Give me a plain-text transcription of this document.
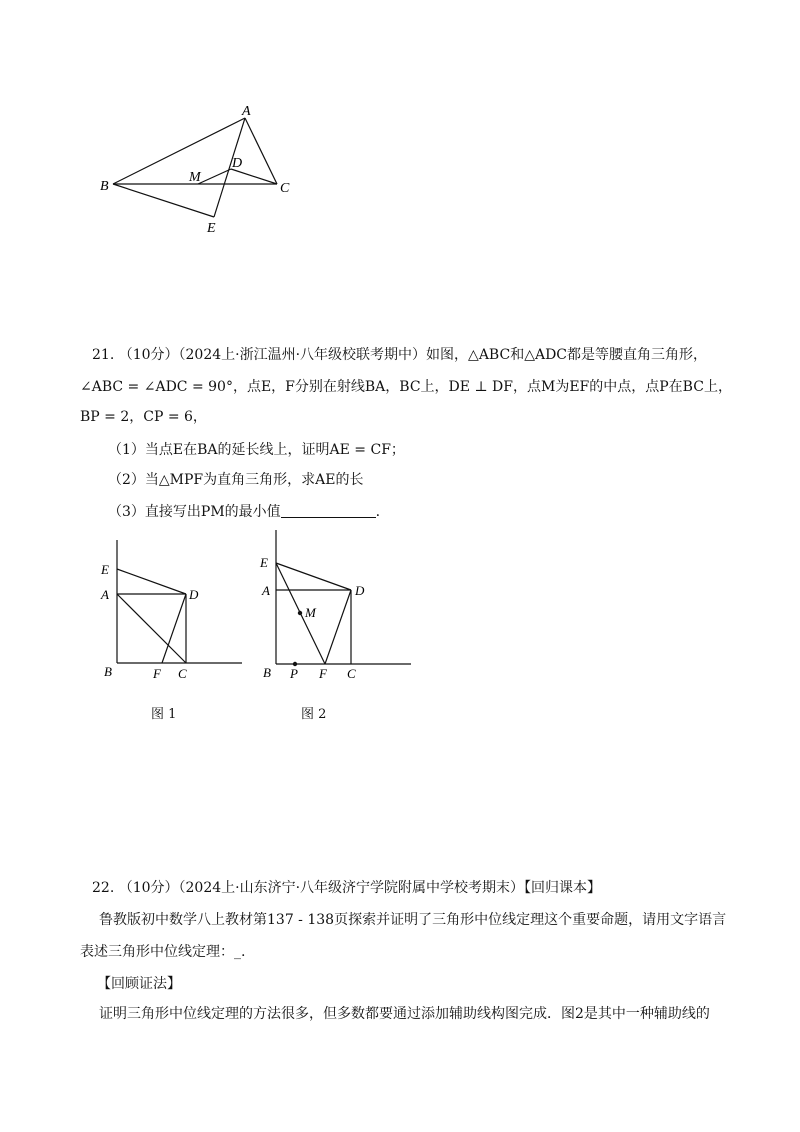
A
B	C
D
E
M
21. （10分）（2024上·浙江温州·八年级校联考期中）如图，△ABC和△ADC都是等腰直角三角形，
∠ABC = ∠ADC = 90°，点E，F分别在射线BA，BC上，DE ⊥ DF，点M为EF的中点，点P在BC上，
BP = 2，CP = 6，
（1）当点E在BA的延长线上，证明AE = CF；
（2）当△MPF为直角三角形，求AE的长
（3）直接写出PM的最小值	.
E
A	D
B	F C
图 1
E
A	D
M
B P F C
图 2
22. （10分）（2024上·山东济宁·八年级济宁学院附属中学校考期末）【回归课本】
鲁教版初中数学八上教材第137 - 138页探索并证明了三角形中位线定理这个重要命题，请用文字语言
表述三角形中位线定理：_.
【回顾证法】
证明三角形中位线定理的方法很多，但多数都要通过添加辅助线构图完成．图2是其中一种辅助线的
